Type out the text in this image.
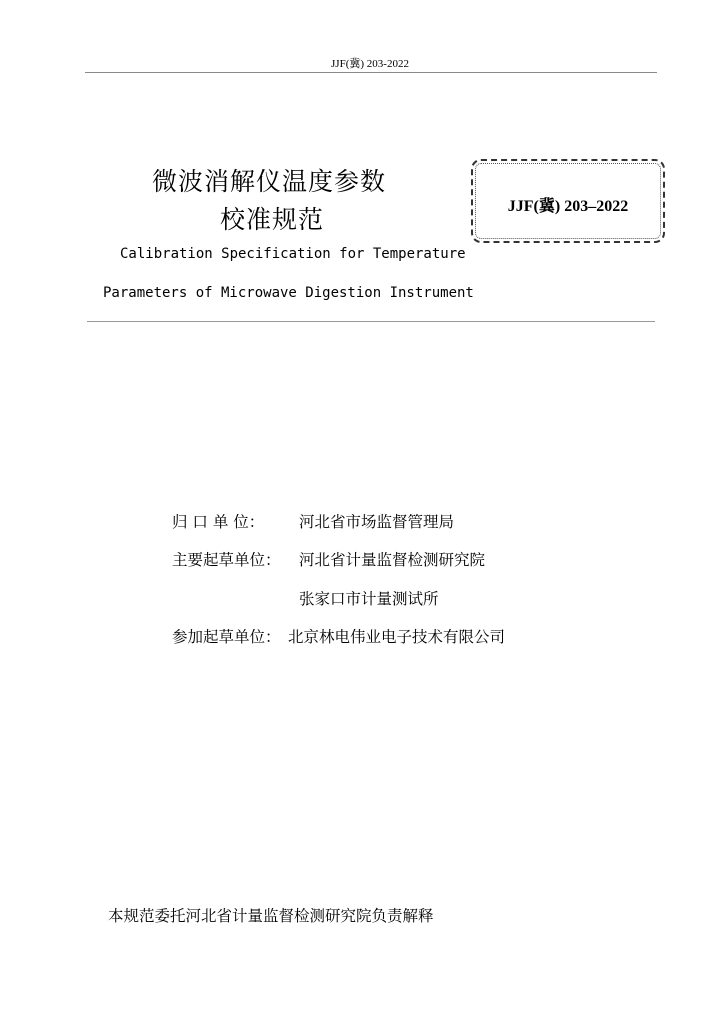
JJF(冀) 203-2022
微波消解仪温度参数
校准规范	JJF(冀) 203–2022
Calibration Specification for Temperature
Parameters of Microwave Digestion Instrument
归 口 单 位： 河北省市场监督管理局
主要起草单位： 河北省计量监督检测研究院
张家口市计量测试所
参加起草单位： 北京林电伟业电子技术有限公司
本规范委托河北省计量监督检测研究院负责解释
